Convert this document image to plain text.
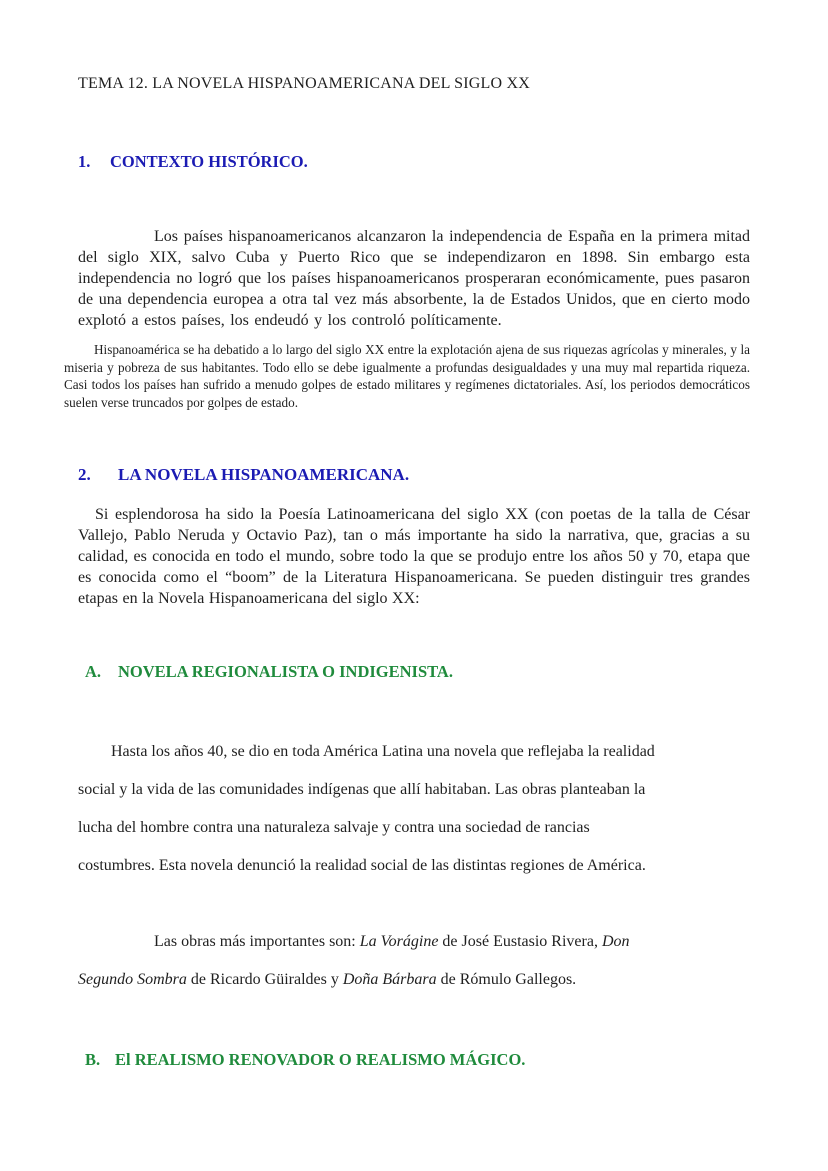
TEMA 12. LA NOVELA HISPANOAMERICANA DEL SIGLO XX
1. CONTEXTO HISTÓRICO.

Los países hispanoamericanos alcanzaron la independencia de España en la primera mitad del siglo XIX, salvo Cuba y Puerto Rico que se independizaron en 1898. Sin embargo esta independencia no logró que los países hispanoamericanos prosperaran económicamente, pues pasaron de una dependencia europea a otra tal vez más absorbente, la de Estados Unidos, que en cierto modo explotó a estos países, los endeudó y los controló políticamente.

Hispanoamérica se ha debatido a lo largo del siglo XX entre la explotación ajena de sus riquezas agrícolas y minerales, y la miseria y pobreza de sus habitantes. Todo ello se debe igualmente a profundas desigualdades y una muy mal repartida riqueza. Casi todos los países han sufrido a menudo golpes de estado militares y regímenes dictatoriales. Así, los periodos democráticos suelen verse truncados por golpes de estado.

2. LA NOVELA HISPANOAMERICANA.

Si esplendorosa ha sido la Poesía Latinoamericana del siglo XX (con poetas de la talla de César Vallejo, Pablo Neruda y Octavio Paz), tan o más importante ha sido la narrativa, que, gracias a su calidad, es conocida en todo el mundo, sobre todo la que se produjo entre los años 50 y 70, etapa que es conocida como el “boom” de la Literatura Hispanoamericana. Se pueden distinguir tres grandes etapas en la Novela Hispanoamericana del siglo XX:

A. NOVELA REGIONALISTA O INDIGENISTA.

Hasta los años 40, se dio en toda América Latina una novela que reflejaba la realidad social y la vida de las comunidades indígenas que allí habitaban. Las obras planteaban la lucha del hombre contra una naturaleza salvaje y contra una sociedad de rancias costumbres. Esta novela denunció la realidad social de las distintas regiones de América.

Las obras más importantes son: La Vorágine de José Eustasio Rivera, Don Segundo Sombra de Ricardo Güiraldes y Doña Bárbara de Rómulo Gallegos.

B. El REALISMO RENOVADOR O REALISMO MÁGICO.
